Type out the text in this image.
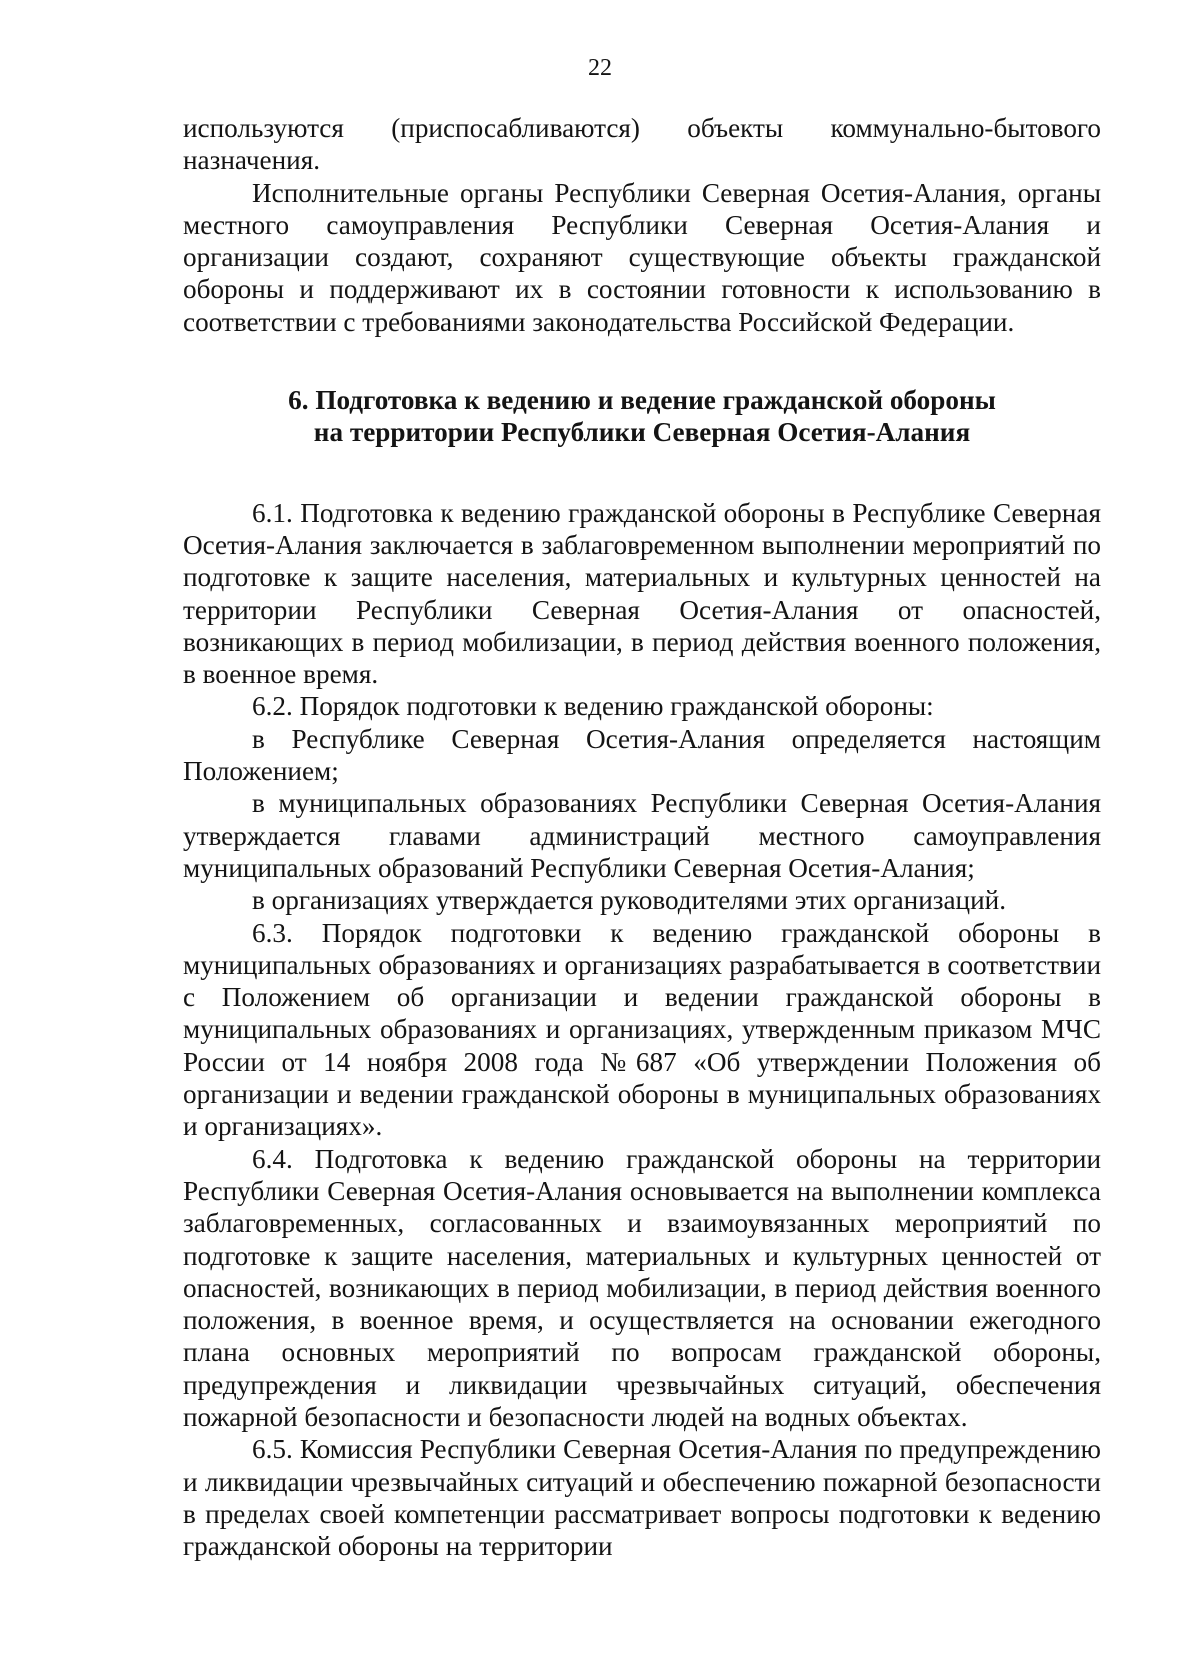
22

используются (приспосабливаются) объекты коммунально-бытового назначения.

Исполнительные органы Республики Северная Осетия-Алания, органы местного самоуправления Республики Северная Осетия-Алания и организации создают, сохраняют существующие объекты гражданской обороны и поддерживают их в состоянии готовности к использованию в соответствии с требованиями законодательства Российской Федерации.

6. Подготовка к ведению и ведение гражданской обороны
на территории Республики Северная Осетия-Алания

6.1. Подготовка к ведению гражданской обороны в Республике Северная Осетия-Алания заключается в заблаговременном выполнении мероприятий по подготовке к защите населения, материальных и культурных ценностей на территории Республики Северная Осетия-Алания от опасностей, возникающих в период мобилизации, в период действия военного положения, в военное время.

6.2. Порядок подготовки к ведению гражданской обороны:

в Республике Северная Осетия-Алания определяется настоящим Положением;

в муниципальных образованиях Республики Северная Осетия-Алания утверждается главами администраций местного самоуправления муниципальных образований Республики Северная Осетия-Алания;

в организациях утверждается руководителями этих организаций.

6.3. Порядок подготовки к ведению гражданской обороны в муниципальных образованиях и организациях разрабатывается в соответствии с Положением об организации и ведении гражданской обороны в муниципальных образованиях и организациях, утвержденным приказом МЧС России от 14 ноября 2008 года №687 «Об утверждении Положения об организации и ведении гражданской обороны в муниципальных образованиях и организациях».

6.4. Подготовка к ведению гражданской обороны на территории Республики Северная Осетия-Алания основывается на выполнении комплекса заблаговременных, согласованных и взаимоувязанных мероприятий по подготовке к защите населения, материальных и культурных ценностей от опасностей, возникающих в период мобилизации, в период действия военного положения, в военное время, и осуществляется на основании ежегодного плана основных мероприятий по вопросам гражданской обороны, предупреждения и ликвидации чрезвычайных ситуаций, обеспечения пожарной безопасности и безопасности людей на водных объектах.

6.5. Комиссия Республики Северная Осетия-Алания по предупреждению и ликвидации чрезвычайных ситуаций и обеспечению пожарной безопасности в пределах своей компетенции рассматривает вопросы подготовки к ведению гражданской обороны на территории
